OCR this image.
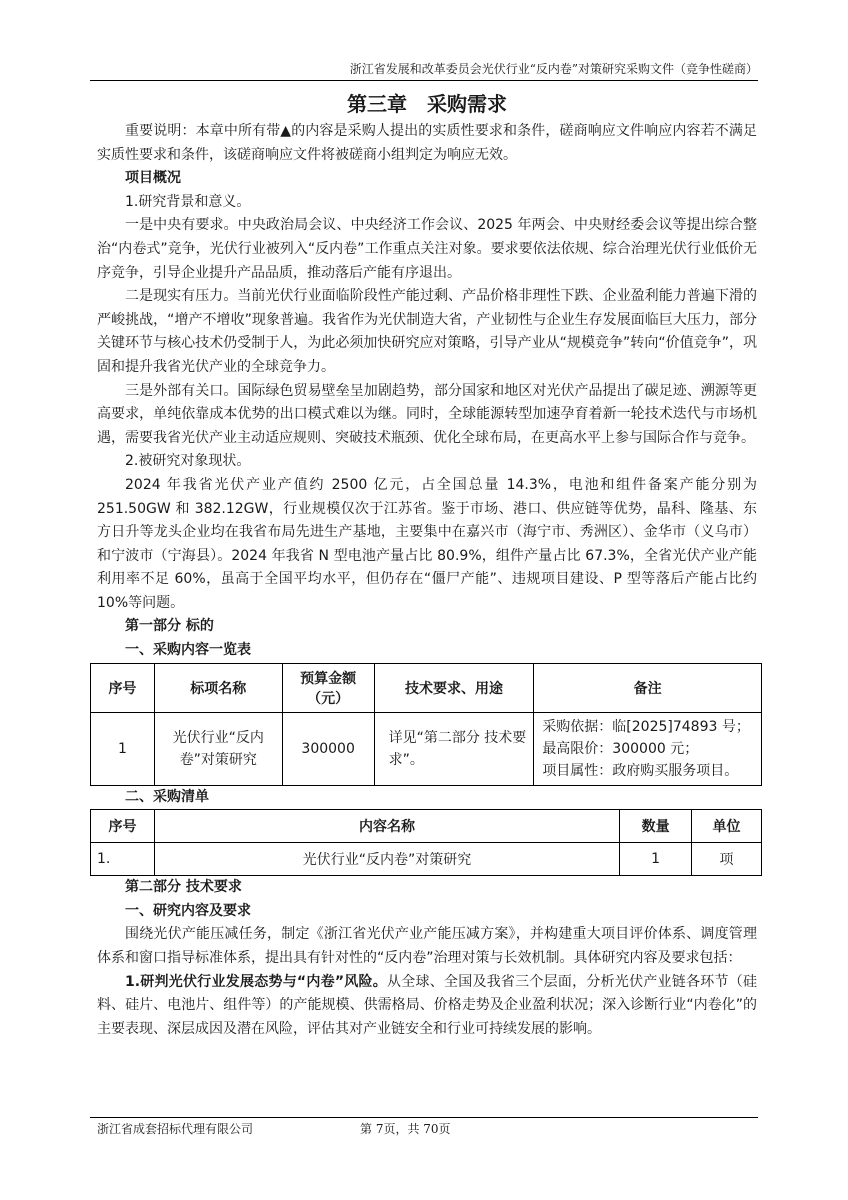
浙江省发展和改革委员会光伏行业“反内卷”对策研究采购文件（竞争性磋商）
第三章　采购需求

重要说明：本章中所有带▲的内容是采购人提出的实质性要求和条件，磋商响应文件响应内容若不满足实质性要求和条件，该磋商响应文件将被磋商小组判定为响应无效。

项目概况

1.研究背景和意义。

一是中央有要求。中央政治局会议、中央经济工作会议、2025 年两会、中央财经委会议等提出综合整治“内卷式”竞争，光伏行业被列入“反内卷”工作重点关注对象。要求要依法依规、综合治理光伏行业低价无序竞争，引导企业提升产品品质，推动落后产能有序退出。

二是现实有压力。当前光伏行业面临阶段性产能过剩、产品价格非理性下跌、企业盈利能力普遍下滑的严峻挑战，“增产不增收”现象普遍。我省作为光伏制造大省，产业韧性与企业生存发展面临巨大压力，部分关键环节与核心技术仍受制于人，为此必须加快研究应对策略，引导产业从“规模竞争”转向“价值竞争”，巩固和提升我省光伏产业的全球竞争力。

三是外部有关口。国际绿色贸易壁垒呈加剧趋势，部分国家和地区对光伏产品提出了碳足迹、溯源等更高要求，单纯依靠成本优势的出口模式难以为继。同时，全球能源转型加速孕育着新一轮技术迭代与市场机遇，需要我省光伏产业主动适应规则、突破技术瓶颈、优化全球布局，在更高水平上参与国际合作与竞争。

2.被研究对象现状。

2024 年我省光伏产业产值约 2500 亿元，占全国总量 14.3%，电池和组件备案产能分别为 251.50GW 和 382.12GW，行业规模仅次于江苏省。鉴于市场、港口、供应链等优势，晶科、隆基、东方日升等龙头企业均在我省布局先进生产基地，主要集中在嘉兴市（海宁市、秀洲区）、金华市（义乌市）和宁波市（宁海县）。2024 年我省 N 型电池产量占比 80.9%，组件产量占比 67.3%，全省光伏产业产能利用率不足 60%，虽高于全国平均水平，但仍存在“僵尸产能”、违规项目建设、P 型等落后产能占比约 10%等问题。

第一部分 标的

一、采购内容一览表

序号	标项名称	预算金额（元）	技术要求、用途	备注
1	光伏行业“反内卷”对策研究	300000	详见“第二部分 技术要求”。	采购依据：临[2025]74893 号；
最高限价：300000 元；
项目属性：政府购买服务项目。

二、采购清单

序号	内容名称	数量	单位
1.	光伏行业“反内卷”对策研究	1	项

第二部分 技术要求

一、研究内容及要求

围绕光伏产能压减任务，制定《浙江省光伏产业产能压减方案》，并构建重大项目评价体系、调度管理体系和窗口指导标准体系，提出具有针对性的“反内卷”治理对策与长效机制。具体研究内容及要求包括：

1.研判光伏行业发展态势与“内卷”风险。从全球、全国及我省三个层面，分析光伏产业链各环节（硅料、硅片、电池片、组件等）的产能规模、供需格局、价格走势及企业盈利状况；深入诊断行业“内卷化”的主要表现、深层成因及潜在风险，评估其对产业链安全和行业可持续发展的影响。

浙江省成套招标代理有限公司	第 7页，共 70页
